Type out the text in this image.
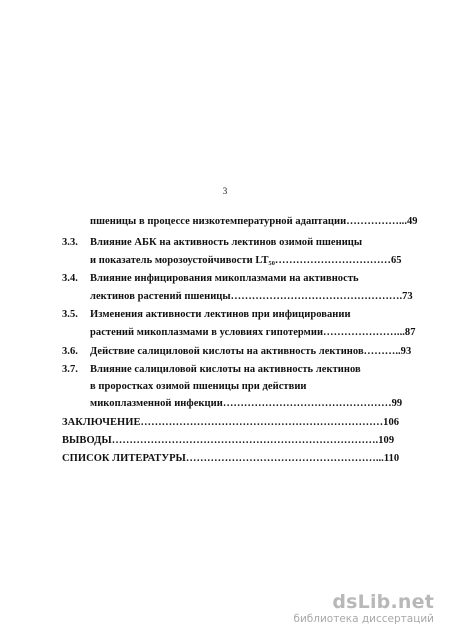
3
пшеницы в процессе низкотемпературной адаптации……………...49
3.3. Влияние АБК на активность лектинов озимой пшеницы
и показатель морозоустойчивости LT₅₀……………………………65
3.4. Влияние инфицирования микоплазмами на активность
лектинов растений пшеницы………………………………………….73
3.5. Изменения активности лектинов при инфицировании
растений микоплазмами в условиях гипотермии…………………...87
3.6. Действие салициловой кислоты на активность лектинов………..93
3.7. Влияние салициловой кислоты на активность лектинов
в проростках озимой пшеницы при действии
микоплазменной инфекции…………………………………………99
ЗАКЛЮЧЕНИЕ……………………………………………………………106
ВЫВОДЫ………………………………………………………………….109
СПИСОК ЛИТЕРАТУРЫ………………………………………………...110
dsLib.net
библиотека диссертаций
